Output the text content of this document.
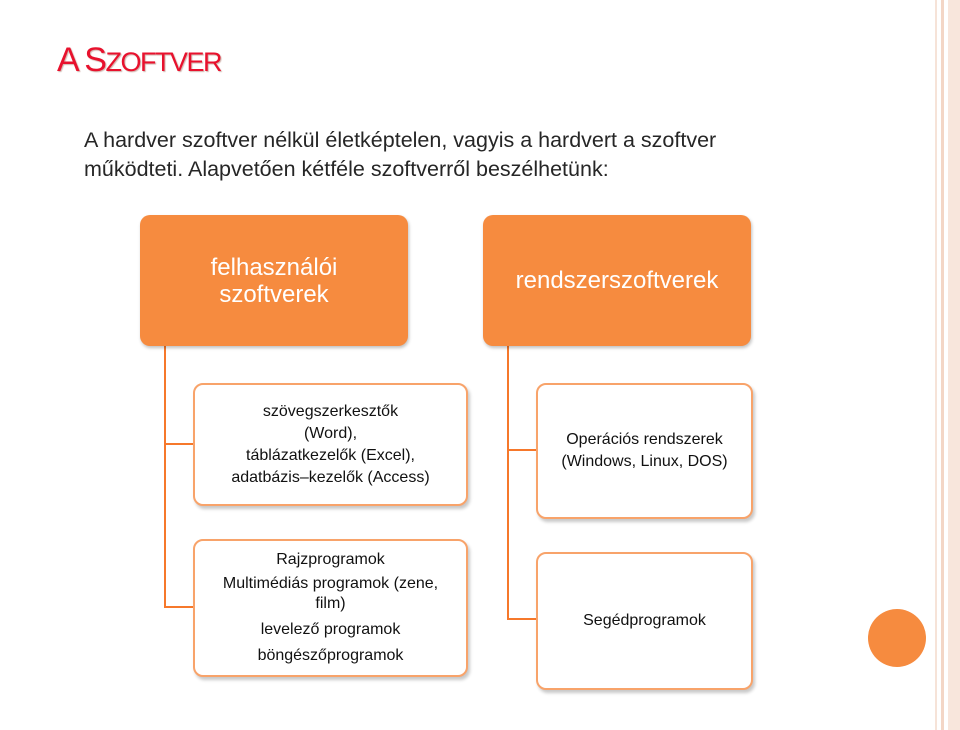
A SZOFTVER

A hardver szoftver nélkül életképtelen, vagyis a hardvert a szoftver
működteti. Alapvetően kétféle szoftverről beszélhetünk:

felhasználói
szoftverek	rendszerszoftverek
szövegszerkesztők
(Word),
táblázatkezelők (Excel),
adatbázis–kezelők (Access)
Rajzprogramok
Multimédiás programok (zene,
film)
levelező programok
böngészőprogramok
Operációs rendszerek
(Windows, Linux, DOS)
Segédprogramok
